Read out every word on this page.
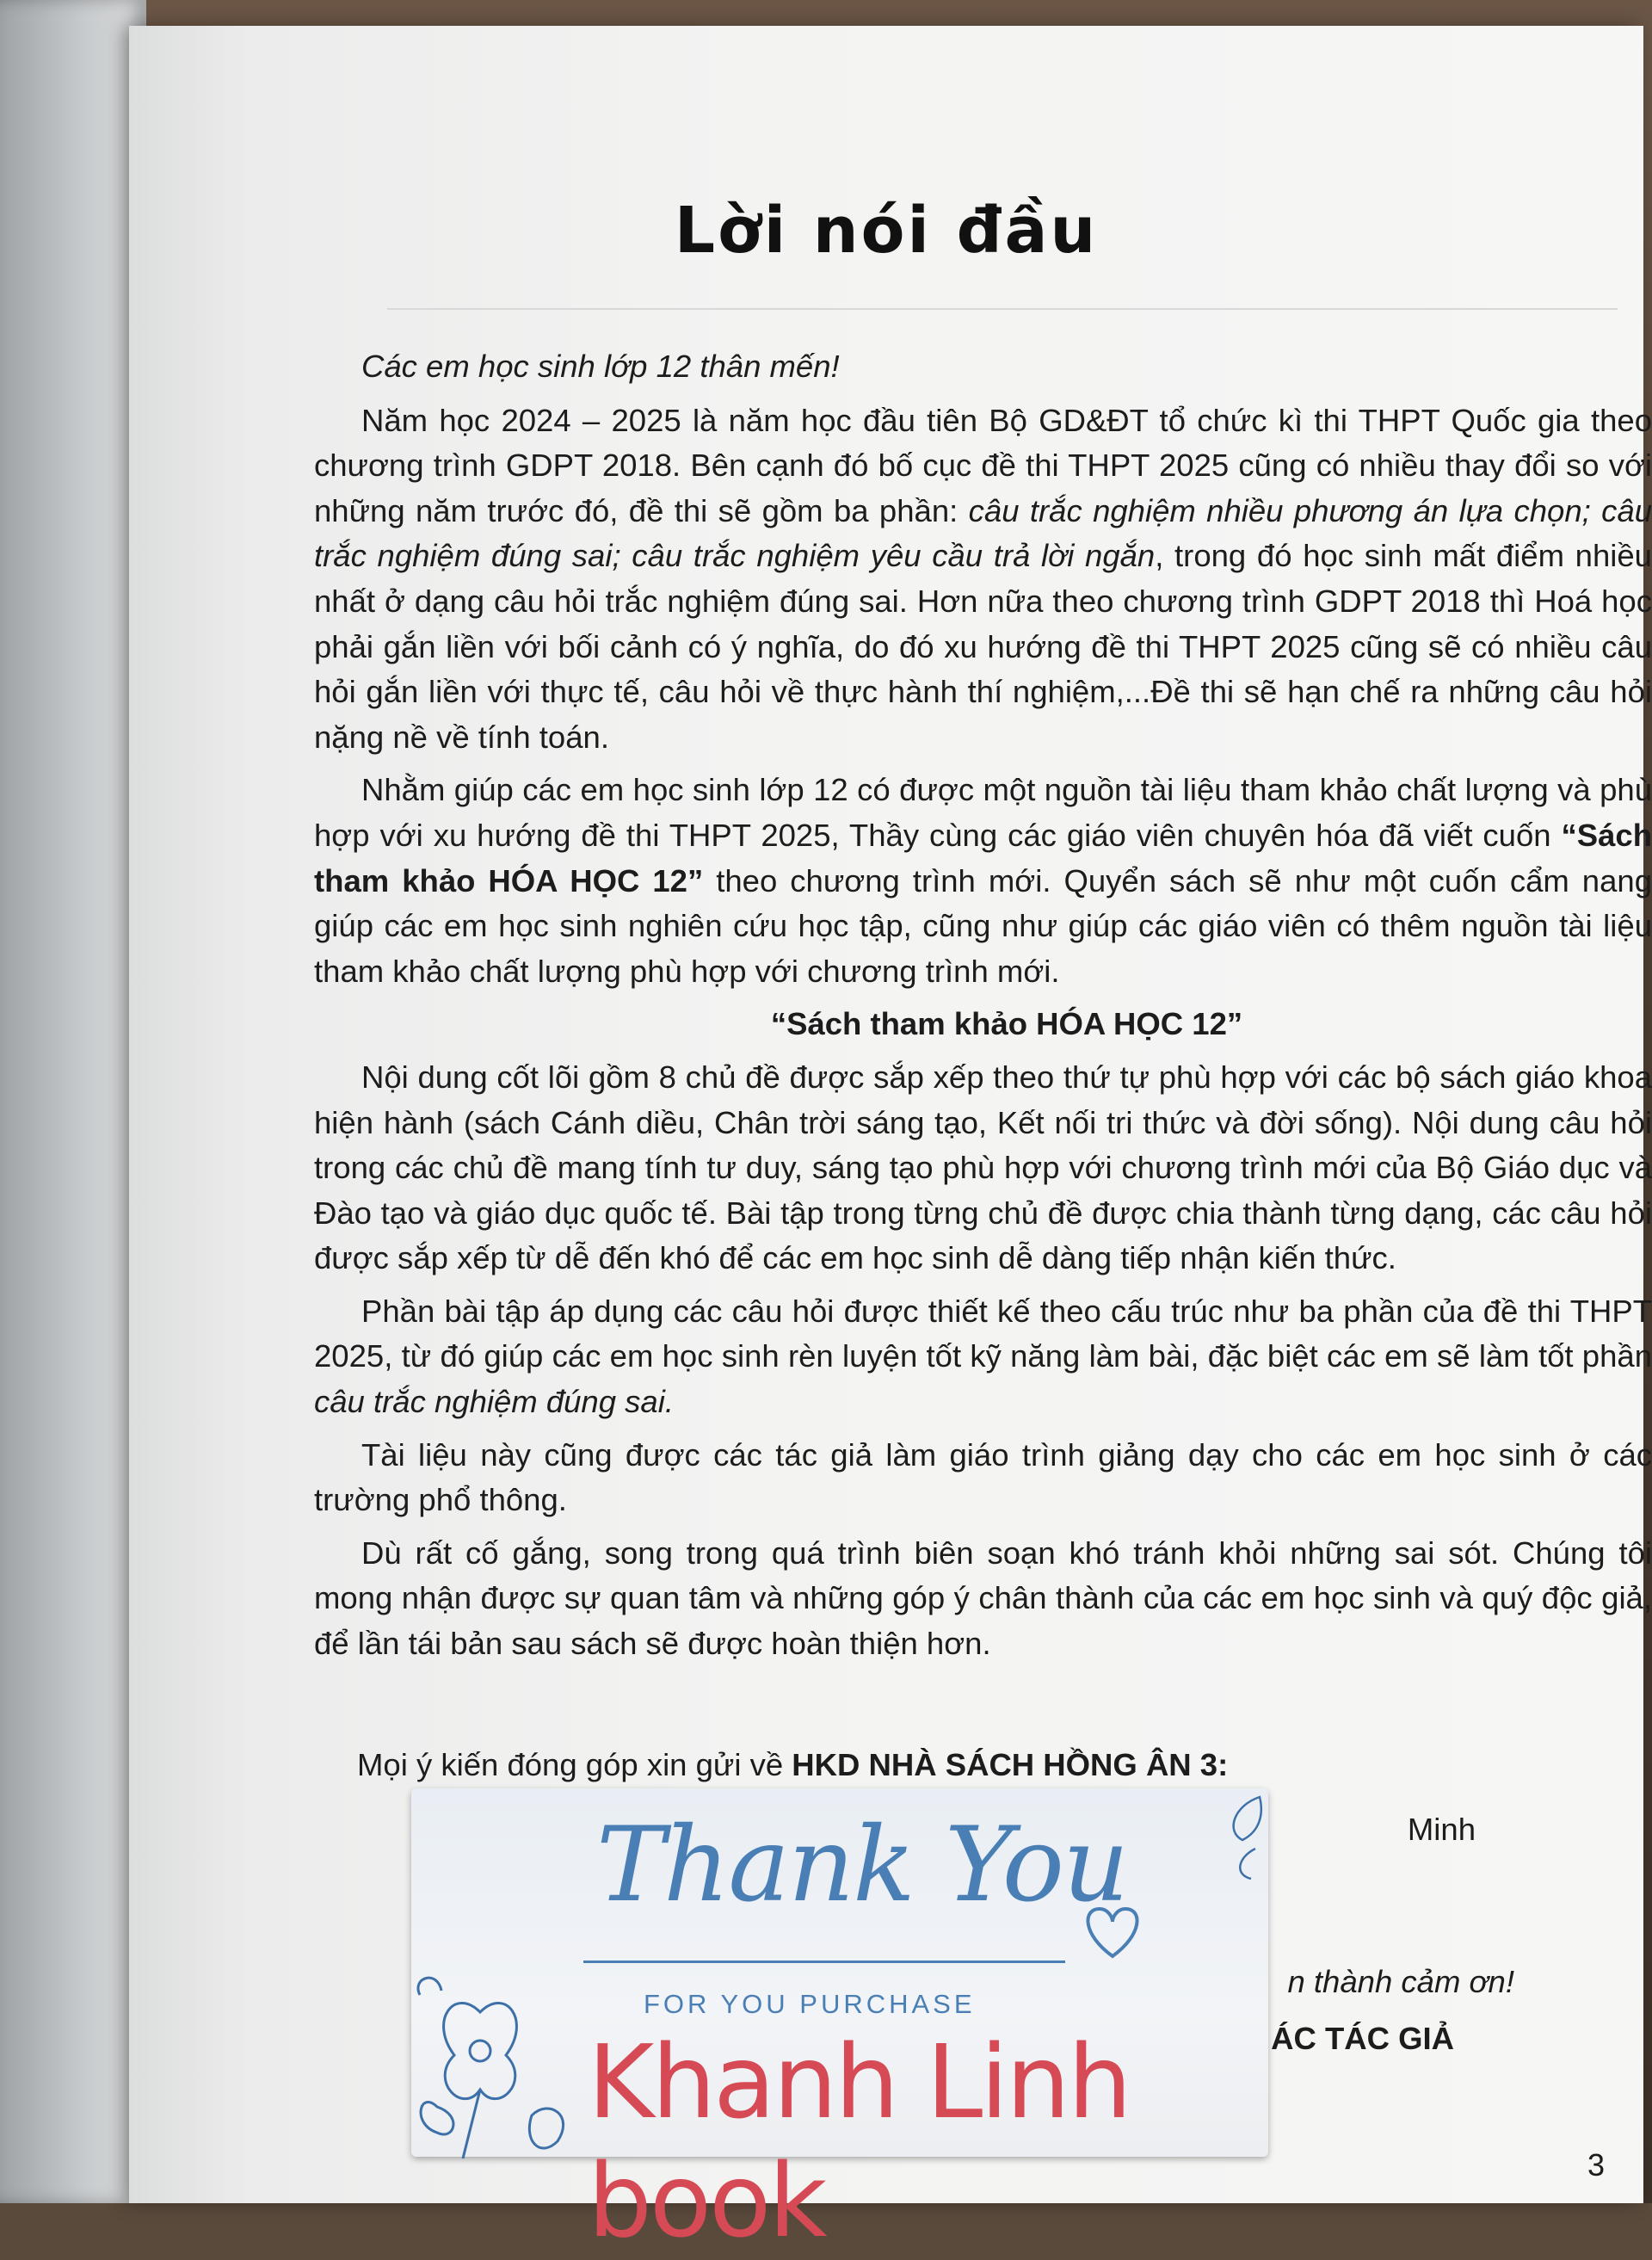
Lời nói đầu

Các em học sinh lớp 12 thân mến!

Năm học 2024 – 2025 là năm học đầu tiên Bộ GD&ĐT tổ chức kì thi THPT Quốc gia theo chương trình GDPT 2018. Bên cạnh đó bố cục đề thi THPT 2025 cũng có nhiều thay đổi so với những năm trước đó, đề thi sẽ gồm ba phần: câu trắc nghiệm nhiều phương án lựa chọn; câu trắc nghiệm đúng sai; câu trắc nghiệm yêu cầu trả lời ngắn, trong đó học sinh mất điểm nhiều nhất ở dạng câu hỏi trắc nghiệm đúng sai. Hơn nữa theo chương trình GDPT 2018 thì Hoá học phải gắn liền với bối cảnh có ý nghĩa, do đó xu hướng đề thi THPT 2025 cũng sẽ có nhiều câu hỏi gắn liền với thực tế, câu hỏi về thực hành thí nghiệm,...Đề thi sẽ hạn chế ra những câu hỏi nặng nề về tính toán.

Nhằm giúp các em học sinh lớp 12 có được một nguồn tài liệu tham khảo chất lượng và phù hợp với xu hướng đề thi THPT 2025, Thầy cùng các giáo viên chuyên hóa đã viết cuốn “Sách tham khảo HÓA HỌC 12” theo chương trình mới. Quyển sách sẽ như một cuốn cẩm nang giúp các em học sinh nghiên cứu học tập, cũng như giúp các giáo viên có thêm nguồn tài liệu tham khảo chất lượng phù hợp với chương trình mới.

“Sách tham khảo HÓA HỌC 12”

Nội dung cốt lõi gồm 8 chủ đề được sắp xếp theo thứ tự phù hợp với các bộ sách giáo khoa hiện hành (sách Cánh diều, Chân trời sáng tạo, Kết nối tri thức và đời sống). Nội dung câu hỏi trong các chủ đề mang tính tư duy, sáng tạo phù hợp với chương trình mới của Bộ Giáo dục và Đào tạo và giáo dục quốc tế. Bài tập trong từng chủ đề được chia thành từng dạng, các câu hỏi được sắp xếp từ dễ đến khó để các em học sinh dễ dàng tiếp nhận kiến thức.

Phần bài tập áp dụng các câu hỏi được thiết kế theo cấu trúc như ba phần của đề thi THPT 2025, từ đó giúp các em học sinh rèn luyện tốt kỹ năng làm bài, đặc biệt các em sẽ làm tốt phần câu trắc nghiệm đúng sai.

Tài liệu này cũng được các tác giả làm giáo trình giảng dạy cho các em học sinh ở các trường phổ thông.

Dù rất cố gắng, song trong quá trình biên soạn khó tránh khỏi những sai sót. Chúng tôi mong nhận được sự quan tâm và những góp ý chân thành của các em học sinh và quý độc giả, để lần tái bản sau sách sẽ được hoàn thiện hơn.

Mọi ý kiến đóng góp xin gửi về HKD NHÀ SÁCH HỒNG ÂN 3:
Minh
n thành cảm ơn!
ÁC TÁC GIẢ
3
Thank You
FOR YOU PURCHASE
Khanh Linh book
